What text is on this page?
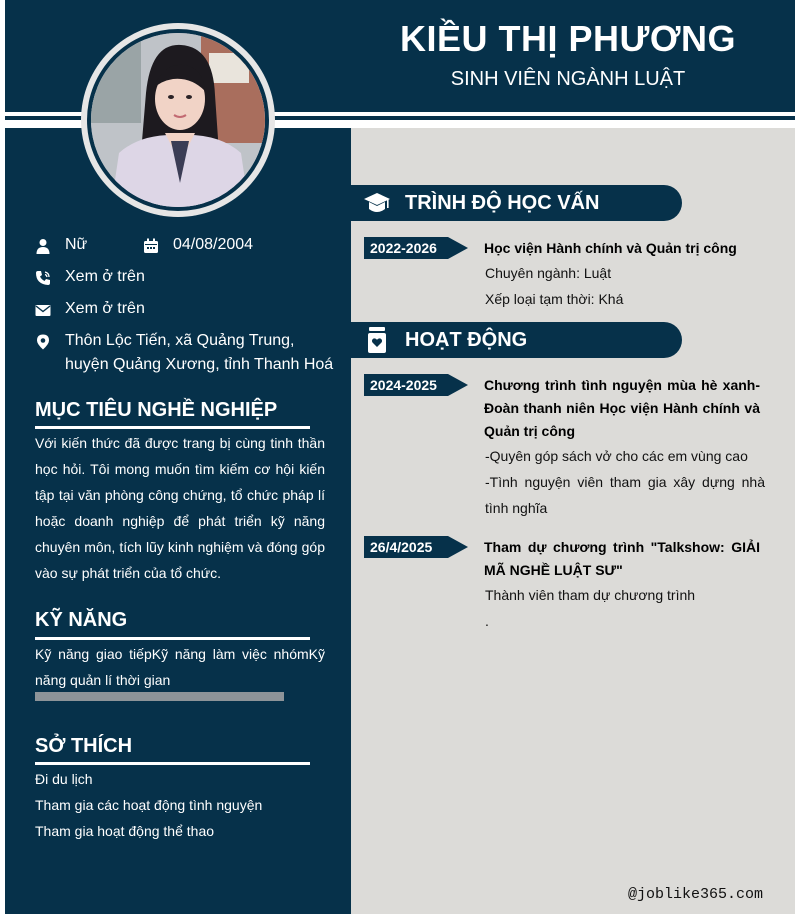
KIỀU THỊ PHƯƠNG
SINH VIÊN NGÀNH LUẬT
Nữ	04/08/2004
Xem ở trên
Xem ở trên
Thôn Lộc Tiến, xã Quảng Trung, huyện Quảng Xương, tỉnh Thanh Hoá
MỤC TIÊU NGHỀ NGHIỆP
Với kiến thức đã được trang bị cùng tinh thần học hỏi. Tôi mong muốn tìm kiếm cơ hội kiến tập tại văn phòng công chứng, tổ chức pháp lí hoặc doanh nghiệp để phát triển kỹ năng chuyên môn, tích lũy kinh nghiệm và đóng góp vào sự phát triển của tổ chức.
KỸ NĂNG
Kỹ năng giao tiếpKỹ năng làm việc nhómKỹ năng quản lí thời gian
SỞ THÍCH
Đi du lịch
Tham gia các hoạt động tình nguyện
Tham gia hoạt động thể thao
TRÌNH ĐỘ HỌC VẤN
2022-2026	Học viện Hành chính và Quản trị công
Chuyên ngành: Luật
Xếp loại tạm thời: Khá
HOẠT ĐỘNG
2024-2025	Chương trình tình nguyện mùa hè xanh- Đoàn thanh niên Học viện Hành chính và Quản trị công
-Quyên góp sách vở cho các em vùng cao
-Tình nguyện viên tham gia xây dựng nhà tình nghĩa
26/4/2025	Tham dự chương trình "Talkshow: GIẢI MÃ NGHỀ LUẬT SƯ"
Thành viên tham dự chương trình
.
@joblike365.com
